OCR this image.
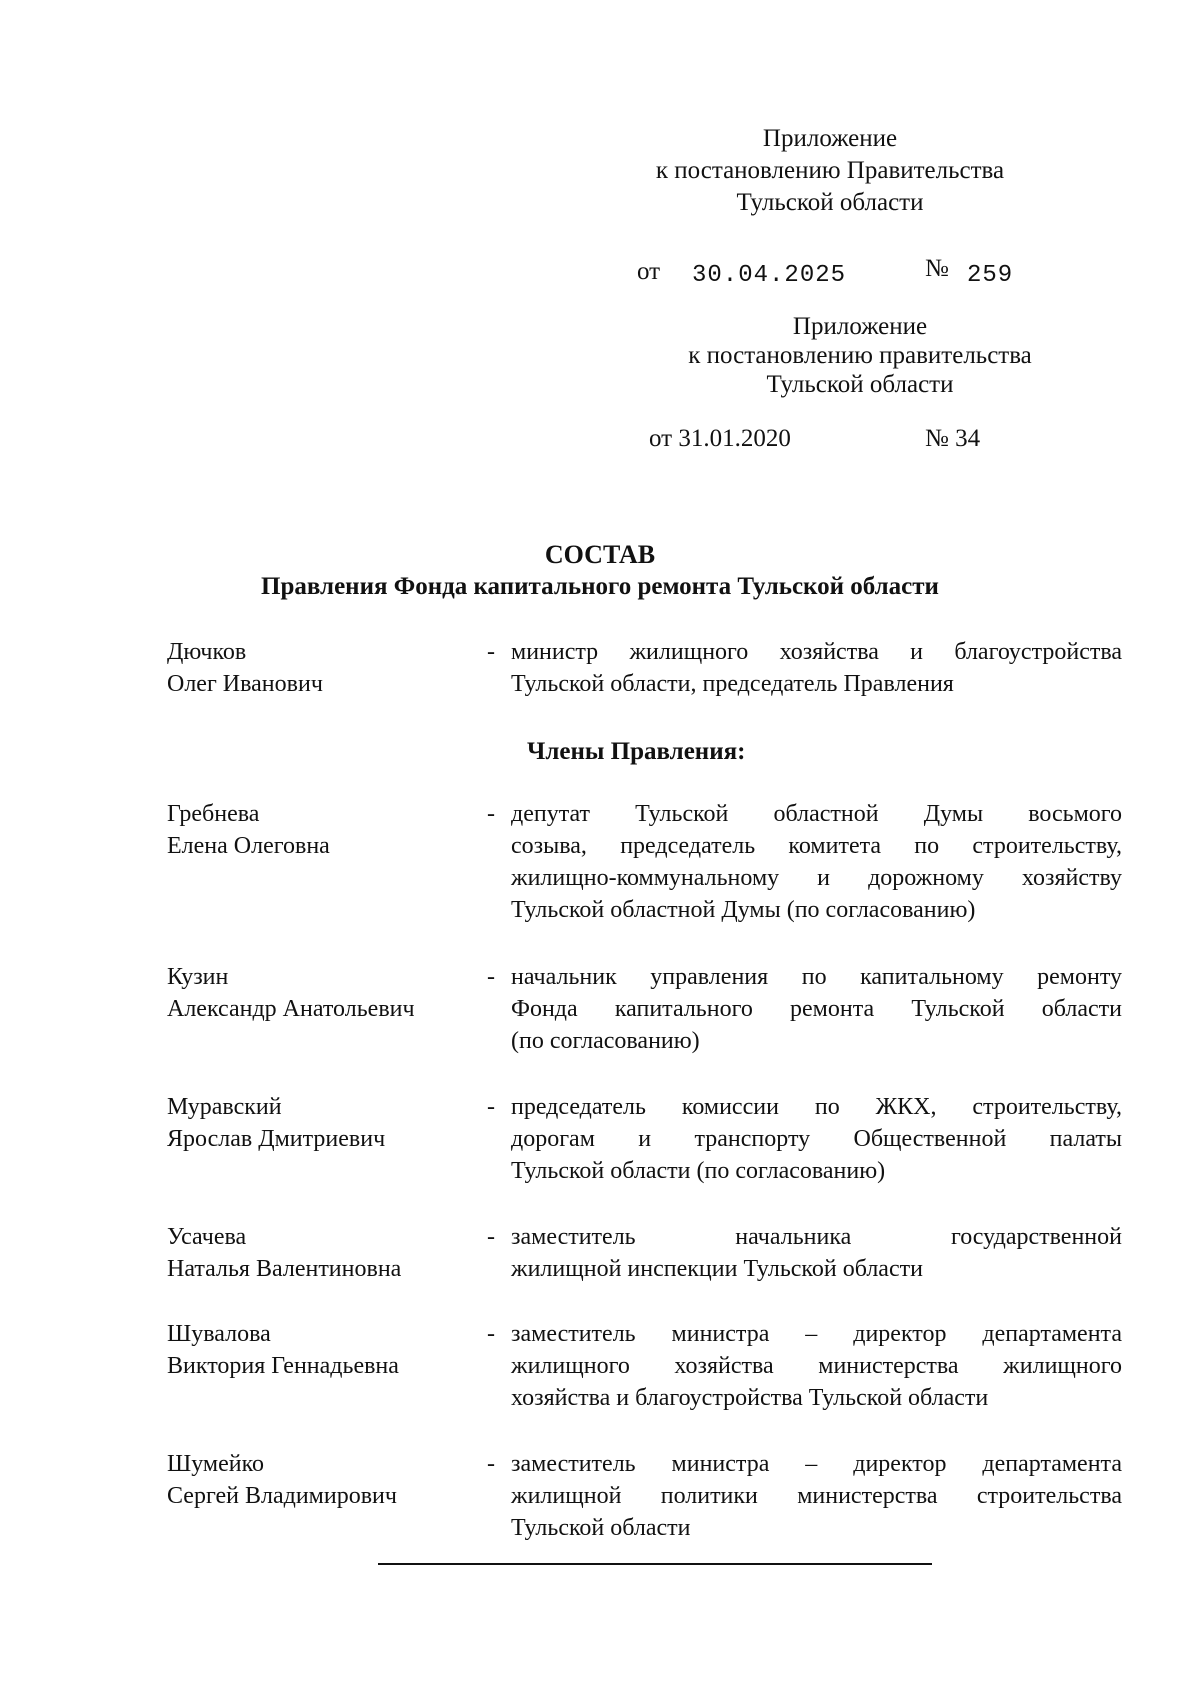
Приложение
к постановлению Правительства
Тульской области
от 30.04.2025	№ 259
Приложение
к постановлению правительства
Тульской области
от 31.01.2020	№ 34
СОСТАВ
Правления Фонда капитального ремонта Тульской области
Дючков
Олег Иванович
- министр жилищного хозяйства и благоустройства
Тульской области, председатель Правления
Члены Правления:
Гребнева
Елена Олеговна
- депутат Тульской областной Думы восьмого
созыва, председатель комитета по строительству,
жилищно-коммунальному и дорожному хозяйству
Тульской областной Думы (по согласованию)
Кузин
Александр Анатольевич
- начальник управления по капитальному ремонту
Фонда капитального ремонта Тульской области
(по согласованию)
Муравский
Ярослав Дмитриевич
- председатель комиссии по ЖКХ, строительству,
дорогам и транспорту Общественной палаты
Тульской области (по согласованию)
Усачева
Наталья Валентиновна
- заместитель начальника государственной
жилищной инспекции Тульской области
Шувалова
Виктория Геннадьевна
- заместитель министра – директор департамента
жилищного хозяйства министерства жилищного
хозяйства и благоустройства Тульской области
Шумейко
Сергей Владимирович
- заместитель министра – директор департамента
жилищной политики министерства строительства
Тульской области
